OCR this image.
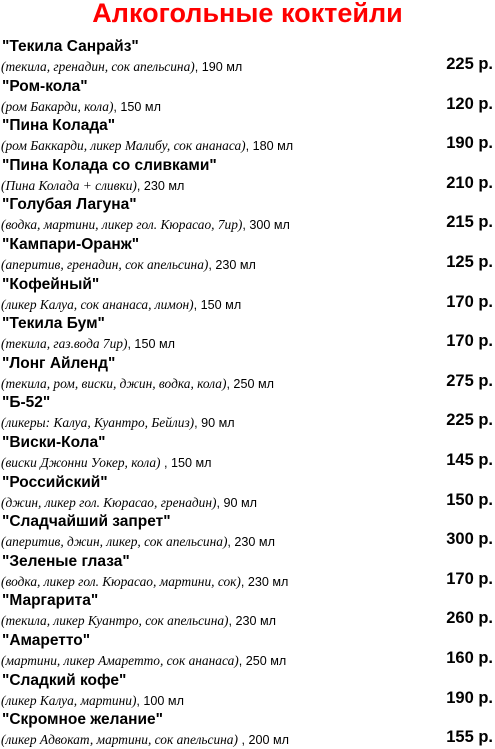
Алкогольные коктейли
"Текила Санрайз"
(текила, гренадин, сок апельсина), 190 мл	225 р.
"Ром-кола"
(ром Бакарди, кола), 150 мл	120 р.
"Пина Колада"
(ром Баккарди, ликер Малибу, сок ананаса), 180 мл	190 р.
"Пина Колада со сливками"
(Пина Колада + сливки), 230 мл	210 р.
"Голубая Лагуна"
(водка, мартини, ликер гол. Кюрасао, 7ир), 300 мл	215 р.
"Кампари-Оранж"
(аперитив, гренадин, сок апельсина), 230 мл	125 р.
"Кофейный"
(ликер Калуа, сок ананаса, лимон), 150 мл	170 р.
"Текила Бум"
(текила, газ.вода 7ир), 150 мл	170 р.
"Лонг Айленд"
(текила, ром, виски, джин, водка, кола), 250 мл	275 р.
"Б-52"
(ликеры: Калуа, Куантро, Бейлиз), 90 мл	225 р.
"Виски-Кола"
(виски Джонни Уокер, кола) , 150 мл	145 р.
"Российский"
(джин, ликер гол. Кюрасао, гренадин), 90 мл	150 р.
"Сладчайший запрет"
(аперитив, джин, ликер, сок апельсина), 230 мл	300 р.
"Зеленые глаза"
(водка, ликер гол. Кюрасао, мартини, сок), 230 мл	170 р.
"Маргарита"
(текила, ликер Куантро, сок апельсина), 230 мл	260 р.
"Амаретто"
(мартини, ликер Амаретто, сок ананаса), 250 мл	160 р.
"Сладкий кофе"
(ликер Калуа, мартини), 100 мл	190 р.
"Скромное желание"
(ликер Адвокат, мартини, сок апельсина) , 200 мл	155 р.
